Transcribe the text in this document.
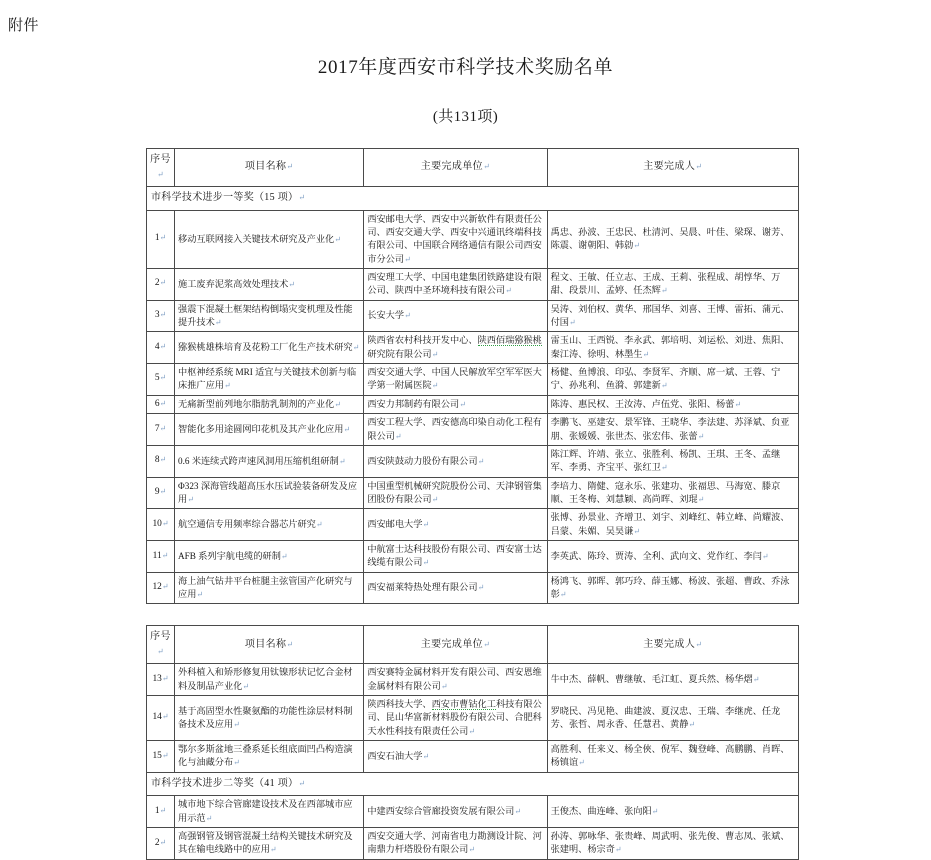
附件
2017年度西安市科学技术奖励名单
(共131项)
序号↵	项目名称↵	主要完成单位↵	主要完成人↵
市科学技术进步一等奖（15 项）↵			
1↵	移动互联网接入关键技术研究及产业化↵	西安邮电大学、西安中兴新软件有限责任公司、西安交通大学、西安中兴通讯终端科技有限公司、中国联合网络通信有限公司西安市分公司↵	禹忠、孙波、王忠民、杜清河、吴晨、叶佳、梁琛、谢芳、陈震、谢朝阳、韩勍↵
2↵	施工废弃泥浆高效处理技术↵	西安理工大学、中国电建集团铁路建设有限公司、陕西中圣环境科技有限公司↵	程文、王敏、任立志、王成、王莉、张程成、胡惇华、万甜、段景川、孟婷、任杰辉↵
3↵	强震下混凝土框架结构倒塌灾变机理及性能提升技术↵	长安大学↵	吴涛、刘伯权、黄华、邢国华、刘喜、王博、雷拓、蒲元、付国↵
4↵	猕猴桃雄株培育及花粉工厂化生产技术研究↵	陕西省农村科技开发中心、陕西佰瑞猕猴桃研究院有限公司↵	雷玉山、王西锐、李永武、郭培明、刘运松、刘进、焦阳、秦江涛、徐明、林墨生↵
5↵	中枢神经系统 MRI 适宜与关键技术创新与临床推广应用↵	西安交通大学、中国人民解放军空军军医大学第一附属医院↵	杨健、鱼博浪、印弘、李贤军、齐顺、席一斌、王蓉、宁宁、孙兆利、鱼漪、郭建新↵
6↵	无痛新型前列地尔脂肪乳制剂的产业化↵	西安力邦制药有限公司↵	陈涛、惠民权、王汝涛、卢伍党、张阳、杨蕾↵
7↵	智能化多用途圆网印花机及其产业化应用↵	西安工程大学、西安德高印染自动化工程有限公司↵	李鹏飞、巫建安、景军锋、王晓华、李法建、苏泽斌、贠亚朋、张媛媛、张世杰、张宏伟、张蕾↵
8↵	0.6 米连续式跨声速风洞用压缩机组研制↵	西安陕鼓动力股份有限公司↵	陈江辉、许靖、张立、张胜利、杨凯、王琪、王冬、孟继军、李勇、齐宝平、张红卫↵
9↵	Φ323 深海管线超高压水压试验装备研发及应用↵	中国重型机械研究院股份公司、天津钢管集团股份有限公司↵	李培力、隋健、寇永乐、张建功、张福思、马海宽、滕京顺、王冬梅、刘慧颖、高尚晖、刘琨↵
10↵	航空通信专用频率综合器芯片研究↵	西安邮电大学↵	张博、孙景业、齐增卫、刘宇、刘峰红、韩立峰、尚耀波、吕蒙、朱媚、吴昊谦↵
11↵	AFB 系列宇航电缆的研制↵	中航富士达科技股份有限公司、西安富士达线缆有限公司↵	李英武、陈玲、贾涛、全利、武向文、党作红、李闫↵
12↵	海上油气钻井平台桩腿主弦管国产化研究与应用↵	西安福莱特热处理有限公司↵	杨鸿飞、郭晖、郭巧玲、薛玉娜、杨波、张超、曹政、乔泳彰↵
序号↵	项目名称↵	主要完成单位↵	主要完成人↵
13↵	外科植入和矫形修复用钛镍形状记忆合金材料及制品产业化↵	西安赛特金属材料开发有限公司、西安恩维金属材料有限公司↵	牛中杰、薛帆、曹继敏、毛江虹、夏兵然、杨华熠↵
14↵	基于高固型水性聚氨酯的功能性涂层材料制备技术及应用↵	陕西科技大学、西安市曹钴化工科技有限公司、昆山华富新材料股份有限公司、合肥科天水性科技有限责任公司↵	罗晓民、冯见艳、曲建波、夏汉忠、王瑞、李继虎、任龙芳、张哲、周永香、任慧君、黄静↵
15↵	鄂尔多斯盆地三叠系延长组底面凹凸构造演化与油藏分布↵	西安石油大学↵	高胜利、任来义、杨全俠、倪军、魏登峰、高鹏鹏、肖晖、杨镇谊↵
市科学技术进步二等奖（41 项）↵			
1↵	城市地下综合管廊建设技术及在西部城市应用示范↵	中建西安综合管廊投资发展有限公司↵	王俊杰、曲连峰、张向阳↵
2↵	高强钢管及钢管混凝土结构关键技术研究及其在输电线路中的应用↵	西安交通大学、河南省电力勘测设计院、河南鼎力杆塔股份有限公司↵	孙涛、郭咏华、张贵峰、周武明、张先俊、曹志凤、张斌、张建明、杨宗奇↵
